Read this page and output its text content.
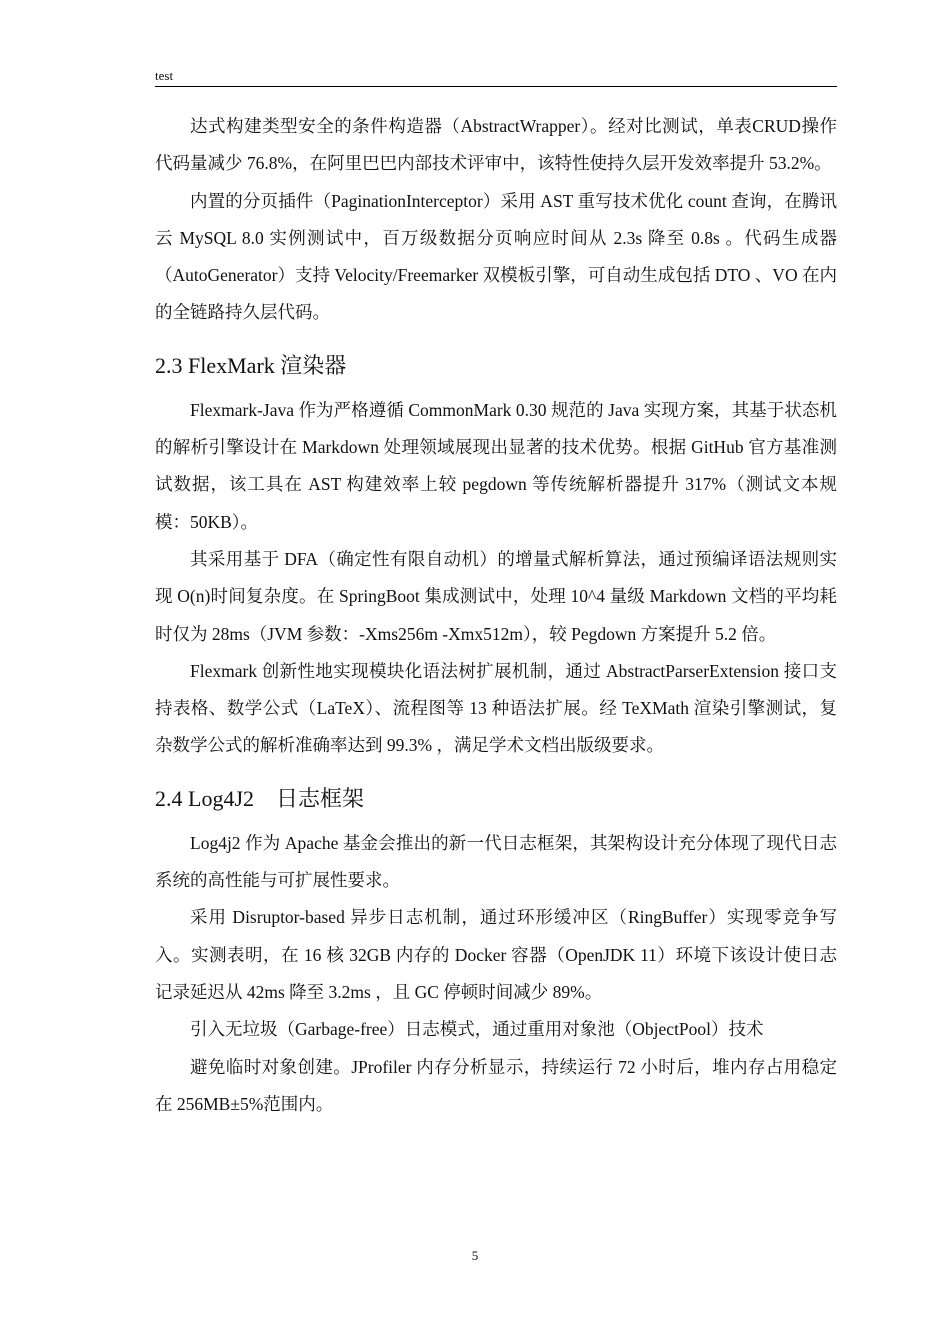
test

达式构建类型安全的条件构造器（AbstractWrapper）。经对比测试，单表CRUD操作代码量减少 76.8%，在阿里巴巴内部技术评审中，该特性使持久层开发效率提升 53.2%。

内置的分页插件（PaginationInterceptor）采用 AST 重写技术优化 count 查询，在腾讯云 MySQL 8.0 实例测试中，百万级数据分页响应时间从 2.3s 降至 0.8s 。代码生成器（AutoGenerator）支持 Velocity/Freemarker 双模板引擎，可自动生成包括 DTO 、VO 在内的全链路持久层代码。

2.3 FlexMark 渲染器

Flexmark-Java 作为严格遵循 CommonMark 0.30 规范的 Java 实现方案，其基于状态机的解析引擎设计在 Markdown 处理领域展现出显著的技术优势。根据 GitHub 官方基准测试数据，该工具在 AST 构建效率上较 pegdown 等传统解析器提升 317%（测试文本规模：50KB）。

其采用基于 DFA（确定性有限自动机）的增量式解析算法，通过预编译语法规则实现 O(n)时间复杂度。在 SpringBoot 集成测试中，处理 10^4 量级 Markdown 文档的平均耗时仅为 28ms（JVM 参数：-Xms256m -Xmx512m），较 Pegdown 方案提升 5.2 倍。

Flexmark 创新性地实现模块化语法树扩展机制，通过 AbstractParserExtension 接口支持表格、数学公式（LaTeX）、流程图等 13 种语法扩展。经 TeXMath 渲染引擎测试，复杂数学公式的解析准确率达到 99.3% ，满足学术文档出版级要求。

2.4 Log4J2　日志框架

Log4j2 作为 Apache 基金会推出的新一代日志框架，其架构设计充分体现了现代日志系统的高性能与可扩展性要求。

采用 Disruptor-based 异步日志机制，通过环形缓冲区（RingBuffer）实现零竞争写入。实测表明，在 16 核 32GB 内存的 Docker 容器（OpenJDK 11）环境下该设计使日志记录延迟从 42ms 降至 3.2ms ，且 GC 停顿时间减少 89%。

引入无垃圾（Garbage-free）日志模式，通过重用对象池（ObjectPool）技术

避免临时对象创建。JProfiler 内存分析显示，持续运行 72 小时后，堆内存占用稳定在 256MB±5%范围内。

5
